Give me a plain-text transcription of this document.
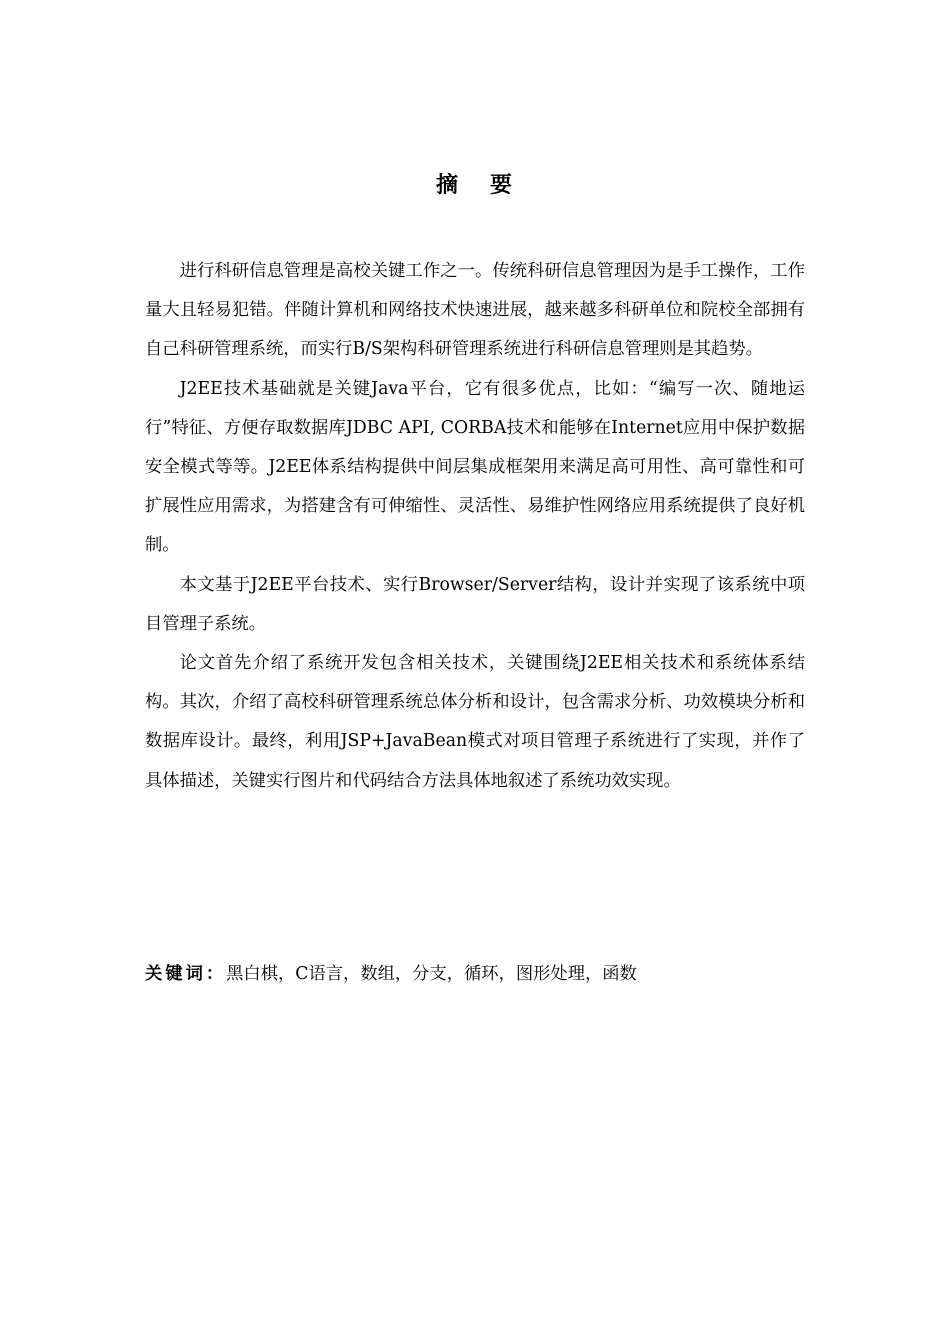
摘 要

进行科研信息管理是高校关键工作之一。传统科研信息管理因为是手工操作，工作量大且轻易犯错。伴随计算机和网络技术快速进展，越来越多科研单位和院校全部拥有自己科研管理系统，而实行B/S架构科研管理系统进行科研信息管理则是其趋势。

J2EE技术基础就是关键Java平台，它有很多优点，比如：“编写一次、随地运行”特征、方便存取数据库JDBC API, CORBA技术和能够在Internet应用中保护数据安全模式等等。J2EE体系结构提供中间层集成框架用来满足高可用性、高可靠性和可扩展性应用需求，为搭建含有可伸缩性、灵活性、易维护性网络应用系统提供了良好机制。

本文基于J2EE平台技术、实行Browser/Server结构，设计并实现了该系统中项目管理子系统。

论文首先介绍了系统开发包含相关技术，关键围绕J2EE相关技术和系统体系结构。其次，介绍了高校科研管理系统总体分析和设计，包含需求分析、功效模块分析和数据库设计。最终，利用JSP+JavaBean模式对项目管理子系统进行了实现，并作了具体描述，关键实行图片和代码结合方法具体地叙述了系统功效实现。

关键词：黑白棋，C语言，数组，分支，循环，图形处理，函数
